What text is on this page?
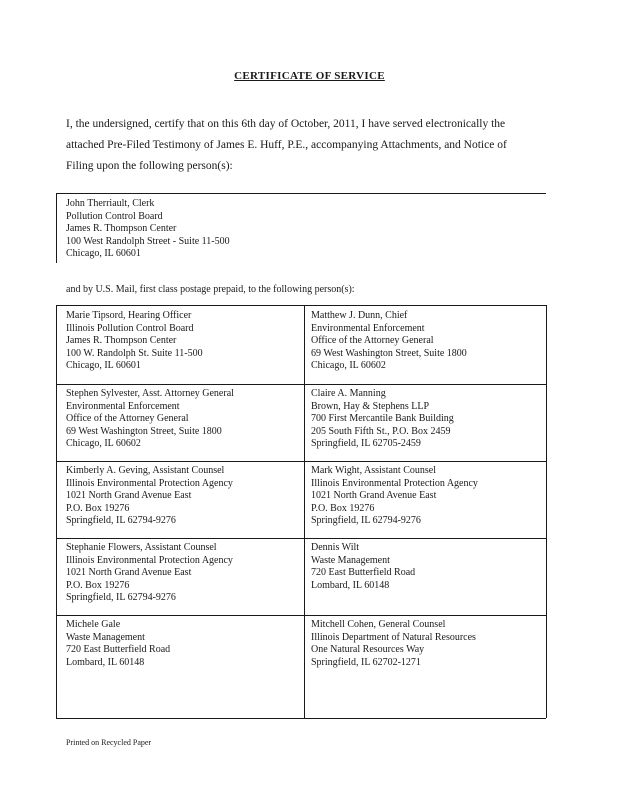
CERTIFICATE OF SERVICE
I, the undersigned, certify that on this 6th day of October, 2011, I have served electronically the
attached Pre-Filed Testimony of James E. Huff, P.E., accompanying Attachments, and Notice of
Filing upon the following person(s):
John Therriault, Clerk
Pollution Control Board
James R. Thompson Center
100 West Randolph Street - Suite 11-500
Chicago, IL 60601
and by U.S. Mail, first class postage prepaid, to the following person(s):
Marie Tipsord, Hearing Officer
Illinois Pollution Control Board
James R. Thompson Center
100 W. Randolph St. Suite 11-500
Chicago, IL 60601
Stephen Sylvester, Asst. Attorney General
Environmental Enforcement
Office of the Attorney General
69 West Washington Street, Suite 1800
Chicago, IL 60602
Kimberly A. Geving, Assistant Counsel
Illinois Environmental Protection Agency
1021 North Grand Avenue East
P.O. Box 19276
Springfield, IL 62794-9276
Stephanie Flowers, Assistant Counsel
Illinois Environmental Protection Agency
1021 North Grand Avenue East
P.O. Box 19276
Springfield, IL 62794-9276
Michele Gale
Waste Management
720 East Butterfield Road
Lombard, IL 60148
Matthew J. Dunn, Chief
Environmental Enforcement
Office of the Attorney General
69 West Washington Street, Suite 1800
Chicago, IL 60602
Claire A. Manning
Brown, Hay & Stephens LLP
700 First Mercantile Bank Building
205 South Fifth St., P.O. Box 2459
Springfield, IL 62705-2459
Mark Wight, Assistant Counsel
Illinois Environmental Protection Agency
1021 North Grand Avenue East
P.O. Box 19276
Springfield, IL 62794-9276
Dennis Wilt
Waste Management
720 East Butterfield Road
Lombard, IL 60148
Mitchell Cohen, General Counsel
Illinois Department of Natural Resources
One Natural Resources Way
Springfield, IL 62702-1271
Printed on Recycled Paper
